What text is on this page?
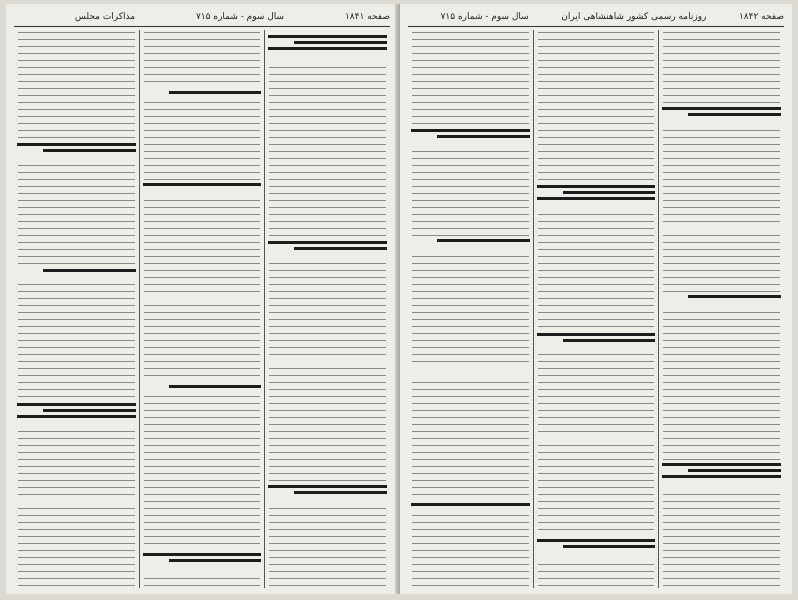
صفحه ۱۸۴۱
سال سوم - شماره ۷۱۵
مذاکرات مجلس	صفحه ۱۸۴۲
روزنامه رسمی کشور شاهنشاهی ایران
سال سوم - شماره ۷۱۵
